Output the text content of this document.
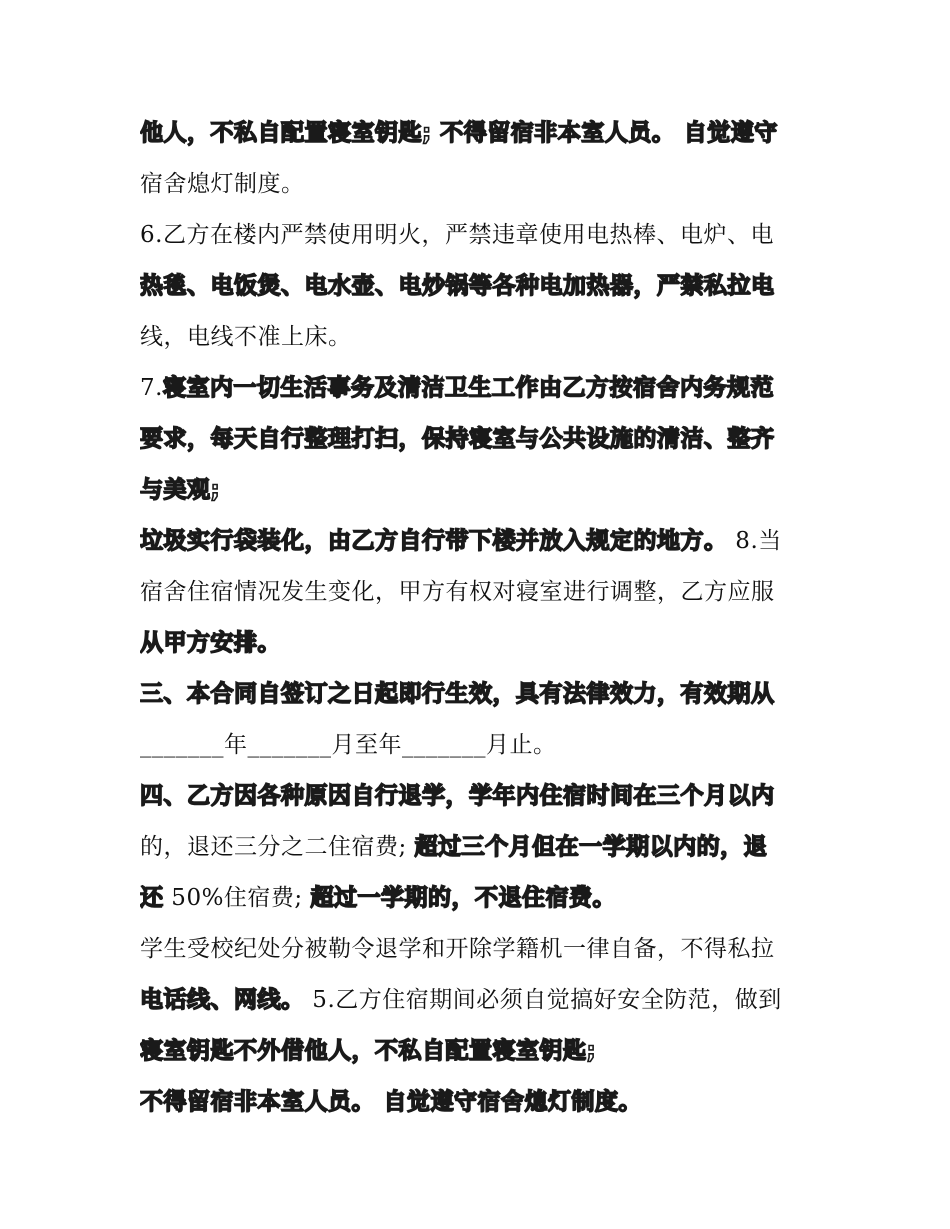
他人，不私自配置寝室钥匙; 不得留宿非本室人员。 自觉遵守
宿舍熄灯制度。
6.乙方在楼内严禁使用明火，严禁违章使用电热棒、电炉、电
热毯、电饭煲、电水壶、电炒锅等各种电加热器，严禁私拉电
线，电线不准上床。
7.寝室内一切生活事务及清洁卫生工作由乙方按宿舍内务规范
要求，每天自行整理打扫，保持寝室与公共设施的清洁、整齐
与美观;
垃圾实行袋装化，由乙方自行带下楼并放入规定的地方。 8.当
宿舍住宿情况发生变化，甲方有权对寝室进行调整，乙方应服
从甲方安排。
三、本合同自签订之日起即行生效，具有法律效力，有效期从
_______年_______月至年_______月止。
四、乙方因各种原因自行退学，学年内住宿时间在三个月以内
的，退还三分之二住宿费; 超过三个月但在一学期以内的，退
还 50%住宿费; 超过一学期的，不退住宿费。
学生受校纪处分被勒令退学和开除学籍机一律自备，不得私拉
电话线、网线。 5.乙方住宿期间必须自觉搞好安全防范，做到
寝室钥匙不外借他人，不私自配置寝室钥匙;
不得留宿非本室人员。 自觉遵守宿舍熄灯制度。
